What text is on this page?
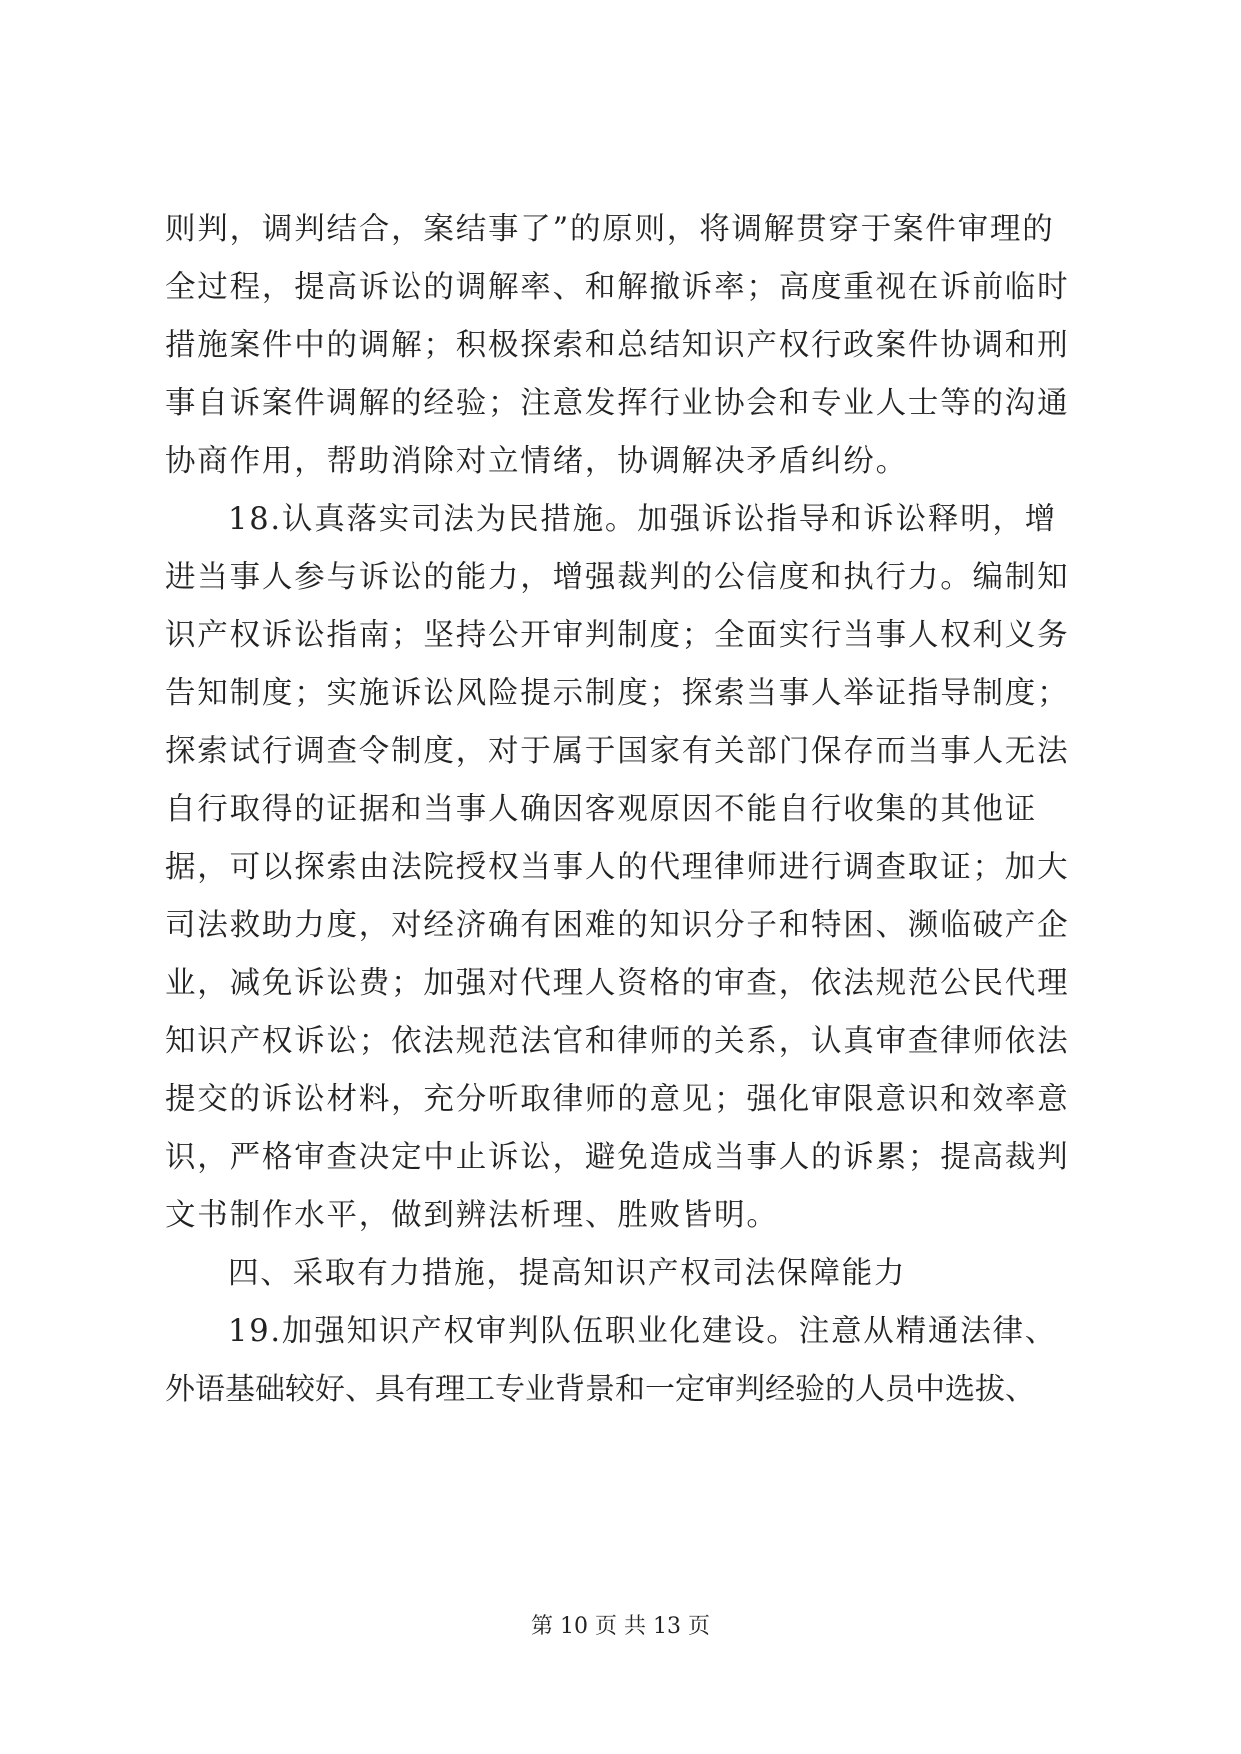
则判，调判结合，案结事了”的原则，将调解贯穿于案件审理的
全过程，提高诉讼的调解率、和解撤诉率；高度重视在诉前临时
措施案件中的调解；积极探索和总结知识产权行政案件协调和刑
事自诉案件调解的经验；注意发挥行业协会和专业人士等的沟通
协商作用，帮助消除对立情绪，协调解决矛盾纠纷。
18.认真落实司法为民措施。加强诉讼指导和诉讼释明，增
进当事人参与诉讼的能力，增强裁判的公信度和执行力。编制知
识产权诉讼指南；坚持公开审判制度；全面实行当事人权利义务
告知制度；实施诉讼风险提示制度；探索当事人举证指导制度；
探索试行调查令制度，对于属于国家有关部门保存而当事人无法
自行取得的证据和当事人确因客观原因不能自行收集的其他证
据，可以探索由法院授权当事人的代理律师进行调查取证；加大
司法救助力度，对经济确有困难的知识分子和特困、濒临破产企
业，减免诉讼费；加强对代理人资格的审查，依法规范公民代理
知识产权诉讼；依法规范法官和律师的关系，认真审查律师依法
提交的诉讼材料，充分听取律师的意见；强化审限意识和效率意
识，严格审查决定中止诉讼，避免造成当事人的诉累；提高裁判
文书制作水平，做到辨法析理、胜败皆明。
四、采取有力措施，提高知识产权司法保障能力
19.加强知识产权审判队伍职业化建设。注意从精通法律、
外语基础较好、具有理工专业背景和一定审判经验的人员中选拔、
第 10 页 共 13 页
